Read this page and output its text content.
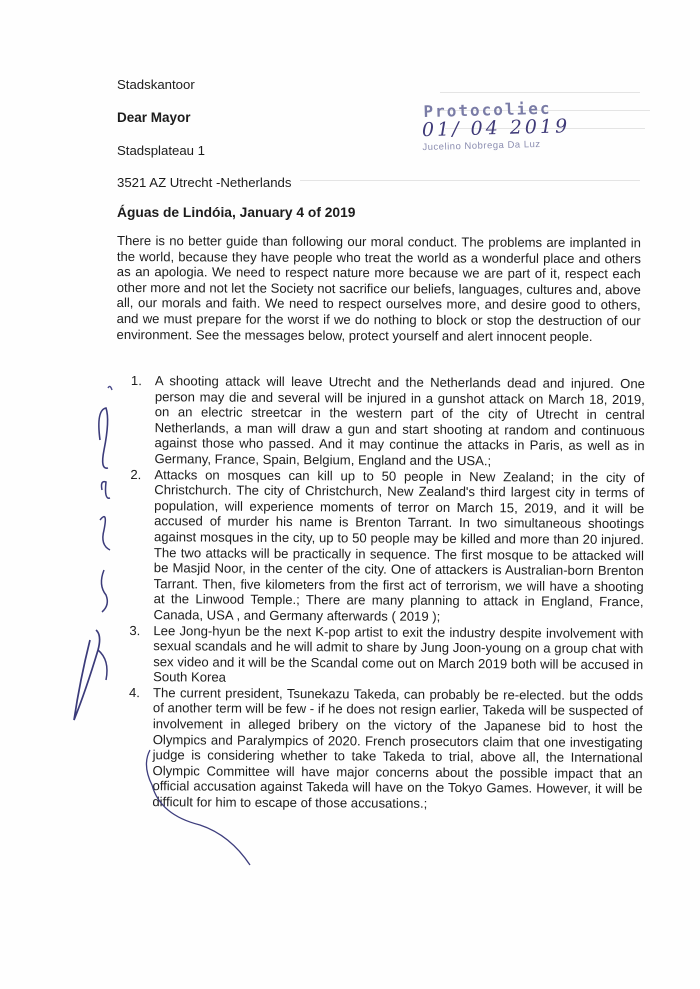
Stadskantoor
Dear Mayor
Stadsplateau 1
3521 AZ Utrecht -Netherlands
Águas de Lindóia, January 4 of 2019
Protocoliec
01/ 04 2019
Jucelino Nobrega Da Luz
There is no better guide than following our moral conduct. The problems are implanted in the world, because they have people who treat the world as a wonderful place and others as an apologia. We need to respect nature more because we are part of it, respect each other more and not let the Society not sacrifice our beliefs, languages, cultures and, above all, our morals and faith. We need to respect ourselves more, and desire good to others, and we must prepare for the worst if we do nothing to block or stop the destruction of our environment. See the messages below, protect yourself and alert innocent people.
1. A shooting attack will leave Utrecht and the Netherlands dead and injured. One person may die and several will be injured in a gunshot attack on March 18, 2019, on an electric streetcar in the western part of the city of Utrecht in central Netherlands, a man will draw a gun and start shooting at random and continuous against those who passed. And it may continue the attacks in Paris, as well as in Germany, France, Spain, Belgium, England and the USA.;
2. Attacks on mosques can kill up to 50 people in New Zealand; in the city of Christchurch. The city of Christchurch, New Zealand's third largest city in terms of population, will experience moments of terror on March 15, 2019, and it will be accused of murder his name is Brenton Tarrant. In two simultaneous shootings against mosques in the city, up to 50 people may be killed and more than 20 injured. The two attacks will be practically in sequence. The first mosque to be attacked will be Masjid Noor, in the center of the city. One of attackers is Australian-born Brenton Tarrant. Then, five kilometers from the first act of terrorism, we will have a shooting at the Linwood Temple.; There are many planning to attack in England, France, Canada, USA , and Germany afterwards ( 2019 );
3. Lee Jong-hyun be the next K-pop artist to exit the industry despite involvement with sexual scandals and he will admit to share by Jung Joon-young on a group chat with sex video and it will be the Scandal come out on March 2019 both will be accused in South Korea
4. The current president, Tsunekazu Takeda, can probably be re-elected. but the odds of another term will be few - if he does not resign earlier, Takeda will be suspected of involvement in alleged bribery on the victory of the Japanese bid to host the Olympics and Paralympics of 2020. French prosecutors claim that one investigating judge is considering whether to take Takeda to trial, above all, the International Olympic Committee will have major concerns about the possible impact that an official accusation against Takeda will have on the Tokyo Games. However, it will be difficult for him to escape of those accusations.;
